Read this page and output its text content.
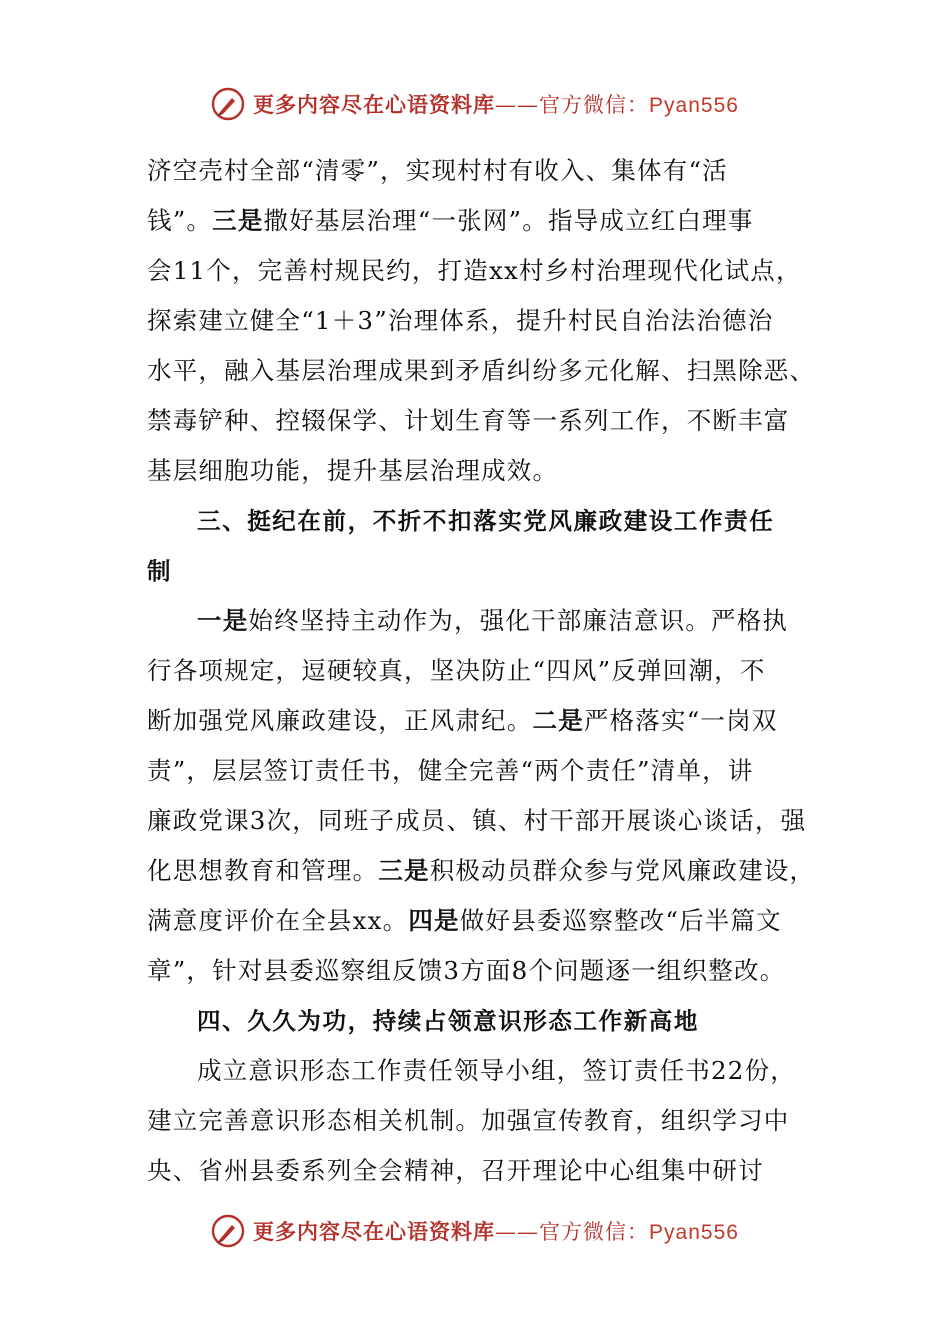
更多内容尽在心语资料库——官方微信：Pyan556
济空壳村全部“清零”，实现村村有收入、集体有“活
钱”。三是撒好基层治理“一张网”。指导成立红白理事
会11个，完善村规民约，打造xx村乡村治理现代化试点，
探索建立健全“1＋3”治理体系，提升村民自治法治德治
水平，融入基层治理成果到矛盾纠纷多元化解、扫黑除恶、
禁毒铲种、控辍保学、计划生育等一系列工作，不断丰富
基层细胞功能，提升基层治理成效。
三、挺纪在前，不折不扣落实党风廉政建设工作责任
制
一是始终坚持主动作为，强化干部廉洁意识。严格执
行各项规定，逗硬较真，坚决防止“四风”反弹回潮，不
断加强党风廉政建设，正风肃纪。二是严格落实“一岗双
责”，层层签订责任书，健全完善“两个责任”清单，讲
廉政党课3次，同班子成员、镇、村干部开展谈心谈话，强
化思想教育和管理。三是积极动员群众参与党风廉政建设，
满意度评价在全县xx。四是做好县委巡察整改“后半篇文
章”，针对县委巡察组反馈3方面8个问题逐一组织整改。
四、久久为功，持续占领意识形态工作新高地
成立意识形态工作责任领导小组，签订责任书22份，
建立完善意识形态相关机制。加强宣传教育，组织学习中
央、省州县委系列全会精神，召开理论中心组集中研讨
更多内容尽在心语资料库——官方微信：Pyan556
